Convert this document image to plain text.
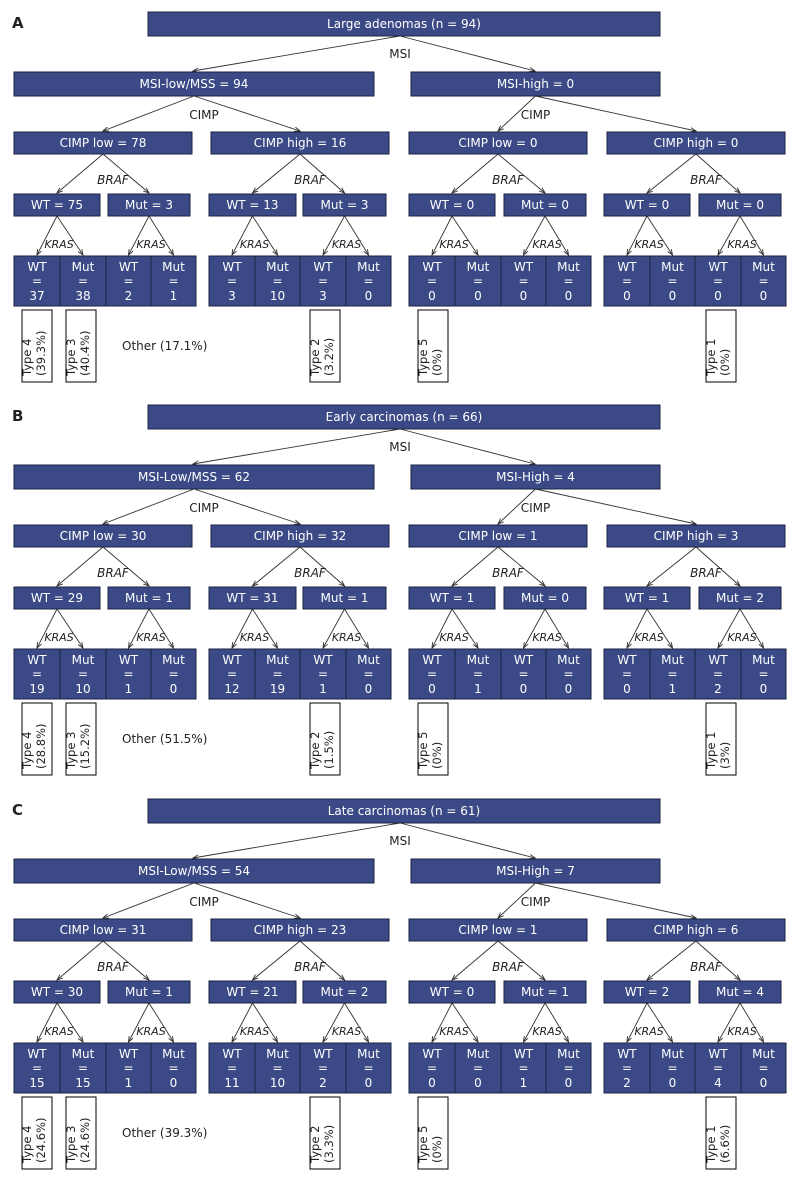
A	Large adenomas (n = 94)
MSI
MSI-low/MSS = 94
CIMP
CIMP low = 78
BRAF
WT = 75
KRAS
WT
=
37
Mut
=
38
Mut = 3
KRAS
WT
=
2
Mut
=
1
CIMP high = 16
BRAF
WT = 13
KRAS
WT
=
3
Mut
=
10
Mut = 3
KRAS
WT
=
3
Mut
=
0
MSI-high = 0
CIMP
CIMP low = 0
BRAF
WT = 0
KRAS
WT
=
0
Mut
=
0
Mut = 0
KRAS
WT
=
0
Mut
=
0
CIMP high = 0
BRAF
WT = 0
KRAS
WT
=
0
Mut
=
0
Mut = 0
KRAS
WT
=
0
Mut
=
0
Type 4 (39.3%) Type 3 (40.4%)	Other (17.1%)	Type 2 (3.2%)	Type 5 (0%)	Type 1 (0%)
B	Early carcinomas (n = 66)
MSI
MSI-Low/MSS = 62
CIMP
CIMP low = 30
BRAF
WT = 29
KRAS
WT
=
19
Mut
=
10
Mut = 1
KRAS
WT
=
1
Mut
=
0
CIMP high = 32
BRAF
WT = 31
KRAS
WT
=
12
Mut
=
19
Mut = 1
KRAS
WT
=
1
Mut
=
0
MSI-High = 4
CIMP
CIMP low = 1
BRAF
WT = 1
KRAS
WT
=
0
Mut
=
1
Mut = 0
KRAS
WT
=
0
Mut
=
0
CIMP high = 3
BRAF
WT = 1
KRAS
WT
=
0
Mut
=
1
Mut = 2
KRAS
WT
=
2
Mut
=
0
Type 4 (28.8%) Type 3 (15.2%)	Other (51.5%)	Type 2 (1.5%)	Type 5 (0%)	Type 1 (3%)
C	Late carcinomas (n = 61)
MSI
MSI-Low/MSS = 54
CIMP
CIMP low = 31
BRAF
WT = 30
KRAS
WT
=
15
Mut
=
15
Mut = 1
KRAS
WT
=
1
Mut
=
0
CIMP high = 23
BRAF
WT = 21
KRAS
WT
=
11
Mut
=
10
Mut = 2
KRAS
WT
=
2
Mut
=
0
MSI-High = 7
CIMP
CIMP low = 1
BRAF
WT = 0
KRAS
WT
=
0
Mut
=
0
Mut = 1
KRAS
WT
=
1
Mut
=
0
CIMP high = 6
BRAF
WT = 2
KRAS
WT
=
2
Mut
=
0
Mut = 4
KRAS
WT
=
4
Mut
=
0
Type 4 (24.6%) Type 3 (24.6%)	Other (39.3%)	Type 2 (3.3%)	Type 5 (0%)	Type 1 (6.6%)
